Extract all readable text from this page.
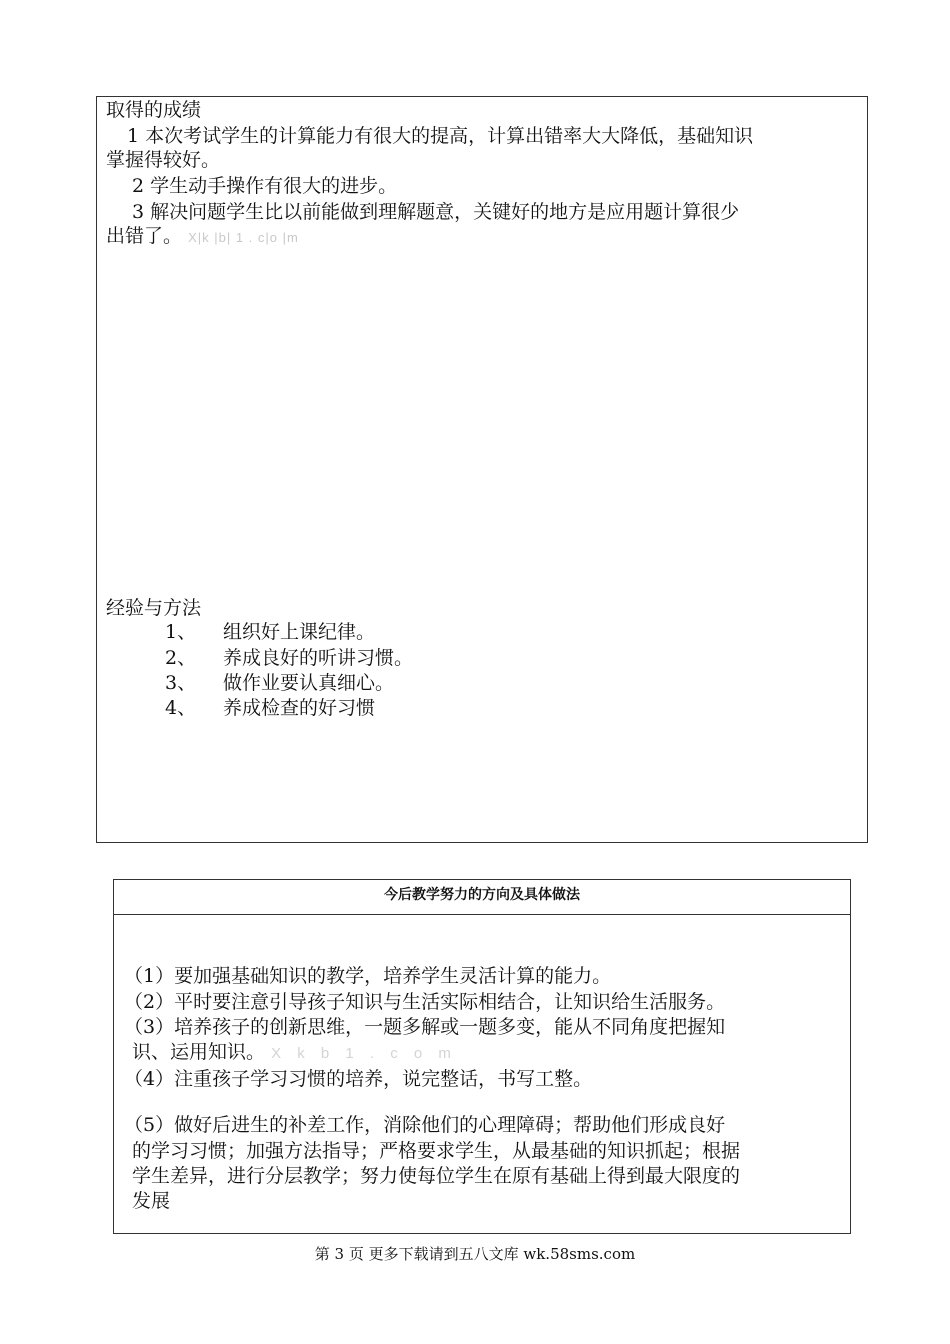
取得的成绩
1 本次考试学生的计算能力有很大的提高，计算出错率大大降低，基础知识
掌握得较好。
2 学生动手操作有很大的进步。
3 解决问题学生比以前能做到理解题意，关键好的地方是应用题计算很少
出错了。 X|k |b| 1 . c|o |m
经验与方法
1、 组织好上课纪律。
2、 养成良好的听讲习惯。
3、 做作业要认真细心。
4、 养成检查的好习惯
今后教学努力的方向及具体做法
（1）要加强基础知识的教学，培养学生灵活计算的能力。
（2）平时要注意引导孩子知识与生活实际相结合，让知识给生活服务。
（3）培养孩子的创新思维，一题多解或一题多变，能从不同角度把握知
识、运用知识。 X k b 1 . c o m
（4）注重孩子学习习惯的培养，说完整话，书写工整。
（5）做好后进生的补差工作，消除他们的心理障碍；帮助他们形成良好
的学习习惯；加强方法指导；严格要求学生，从最基础的知识抓起；根据
学生差异，进行分层教学；努力使每位学生在原有基础上得到最大限度的
发展
第 3 页 更多下载请到五八文库 wk.58sms.com
